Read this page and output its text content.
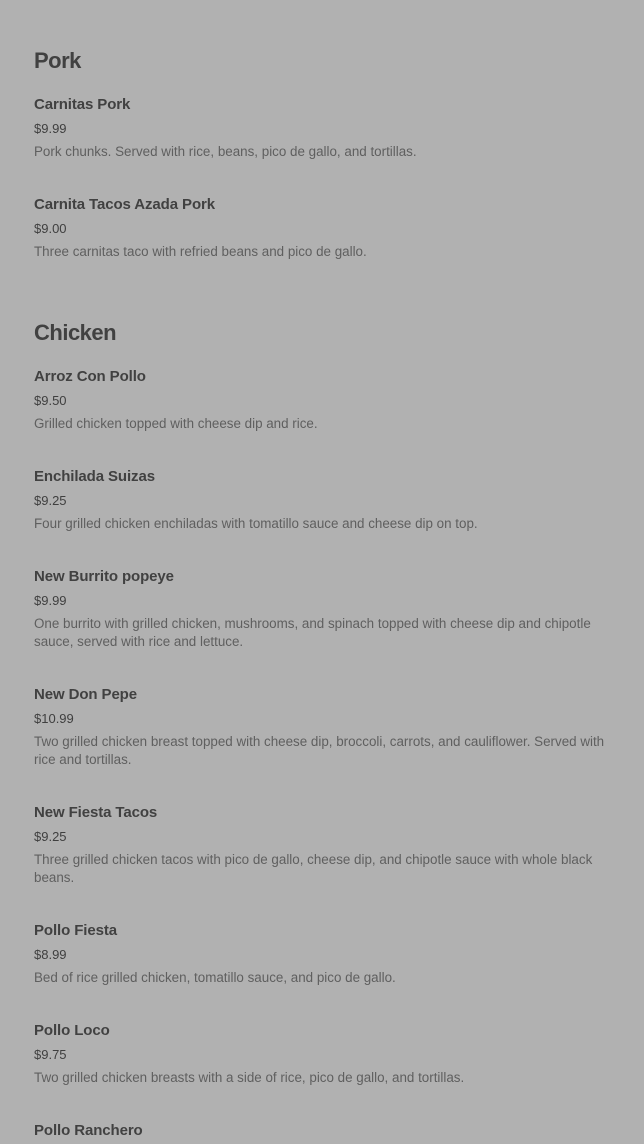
Pork
Carnitas Pork
$9.99
Pork chunks. Served with rice, beans, pico de gallo, and tortillas.
Carnita Tacos Azada Pork
$9.00
Three carnitas taco with refried beans and pico de gallo.
Chicken
Arroz Con Pollo
$9.50
Grilled chicken topped with cheese dip and rice.
Enchilada Suizas
$9.25
Four grilled chicken enchiladas with tomatillo sauce and cheese dip on top.
New Burrito popeye
$9.99
One burrito with grilled chicken, mushrooms, and spinach topped with cheese dip and chipotle sauce, served with rice and lettuce.
New Don Pepe
$10.99
Two grilled chicken breast topped with cheese dip, broccoli, carrots, and cauliflower. Served with rice and tortillas.
New Fiesta Tacos
$9.25
Three grilled chicken tacos with pico de gallo, cheese dip, and chipotle sauce with whole black beans.
Pollo Fiesta
$8.99
Bed of rice grilled chicken, tomatillo sauce, and pico de gallo.
Pollo Loco
$9.75
Two grilled chicken breasts with a side of rice, pico de gallo, and tortillas.
Pollo Ranchero
